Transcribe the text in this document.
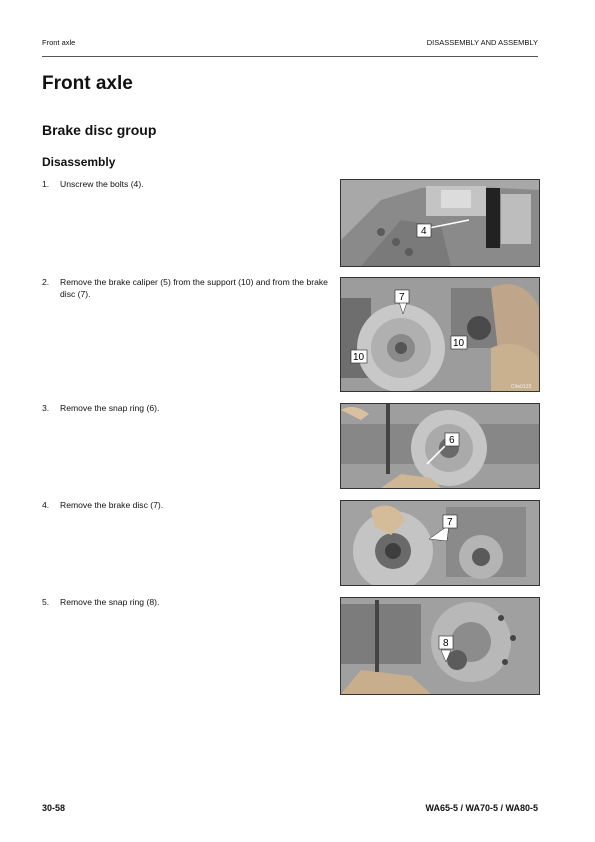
Front axle	DISASSEMBLY AND ASSEMBLY
Front axle
Brake disc group
Disassembly
1.	Unscrew the bolts (4).
2.	Remove the brake caliper (5) from the support (10) and from the brake disc (7).
3.	Remove the snap ring (6).
4.	Remove the brake disc (7).
5.	Remove the snap ring (8).
4
7
10
10
C4e0133
6
7
8
30-58	WA65-5 / WA70-5 / WA80-5
